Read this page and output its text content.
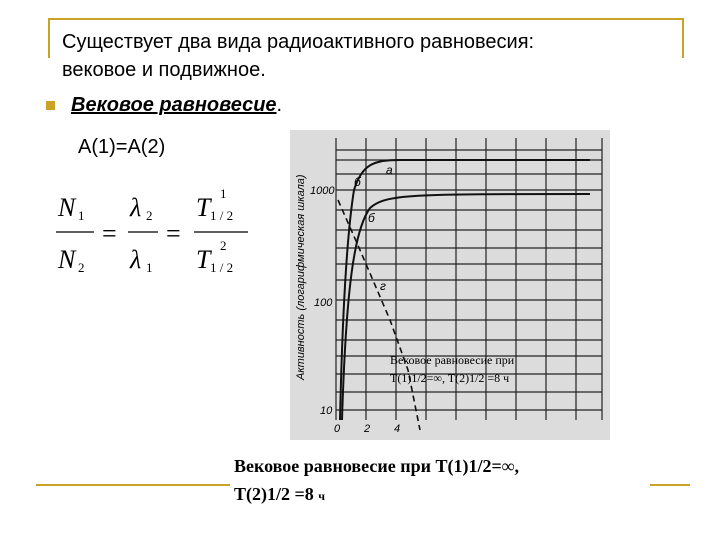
Существует два вида радиоактивного равновесия:
вековое и подвижное.
Вековое равновесие .
A(1)=A(2)
N 1
N 2
=
λ 2
λ 1
=
T 1
1 / 2
T 2
1 / 2	Активность (логарифмическая шкала) 1000
100
10
0 2 4
a
б
б
г
Вековое равновесие при
T(1)1/2=∞, T(2)1/2 =8 ч
Вековое равновесие при T(1)1/2=∞,
T(2)1/2 =8 ч
